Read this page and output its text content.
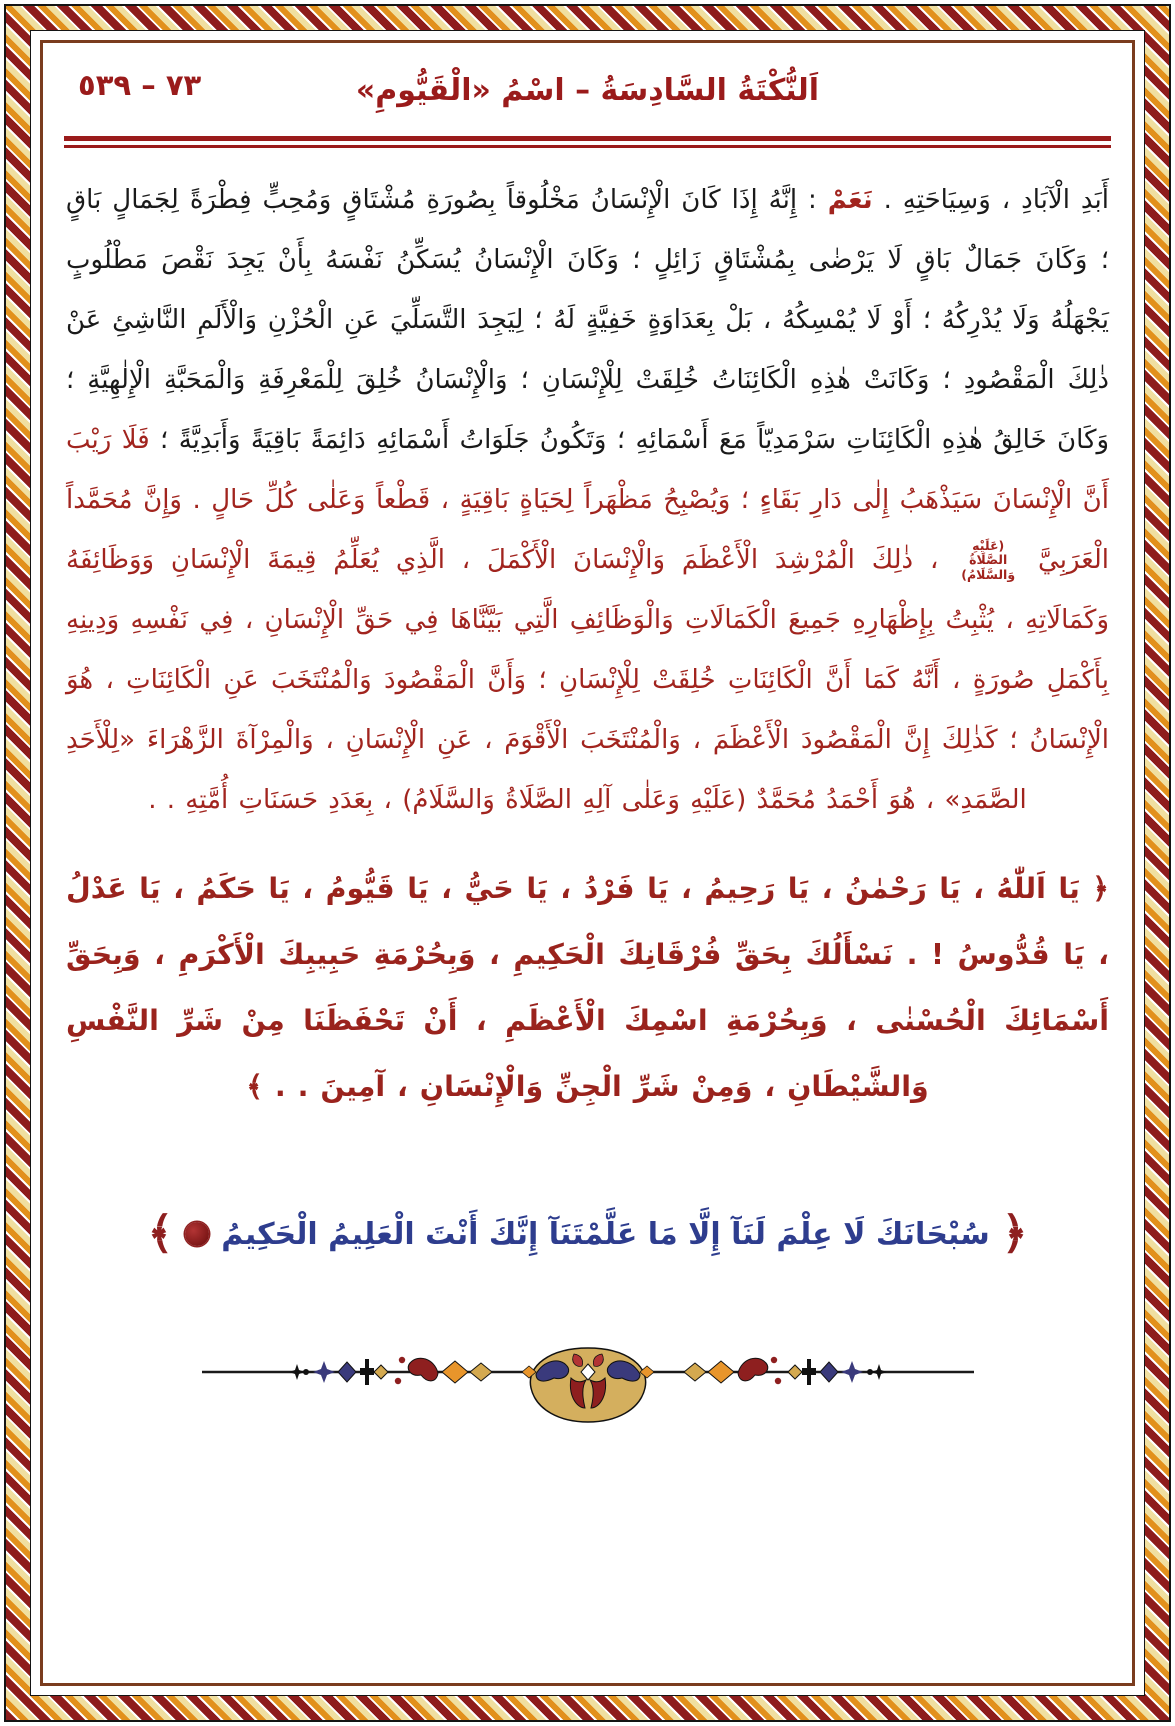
٧٣ – ٥٣٩	اَلنُّكْتَةُ السَّادِسَةُ – اسْمُ «الْقَيُّومِ»

أَبَدِ الْآبَادِ ، وَسِيَاحَتِهِ . نَعَمْ : إِنَّهُ إِذَا كَانَ الْإِنْسَانُ مَخْلُوقاً بِصُورَةِ مُشْتَاقٍ وَمُحِبٍّ فِطْرَةً لِجَمَالٍ بَاقٍ ؛ وَكَانَ جَمَالٌ بَاقٍ لَا يَرْضٰى بِمُشْتَاقٍ زَائِلٍ ؛ وَكَانَ الْإِنْسَانُ يُسَكِّنُ نَفْسَهُ بِأَنْ يَجِدَ نَقْصَ مَطْلُوبٍ يَجْهَلُهُ وَلَا يُدْرِكُهُ ؛ أَوْ لَا يُمْسِكُهُ ، بَلْ بِعَدَاوَةٍ خَفِيَّةٍ لَهُ ؛ لِيَجِدَ التَّسَلِّيَ عَنِ الْحُزْنِ وَالْأَلَمِ النَّاشِئِ عَنْ ذٰلِكَ الْمَقْصُودِ ؛ وَكَانَتْ هٰذِهِ الْكَائِنَاتُ خُلِقَتْ لِلْإِنْسَانِ ؛ وَالْإِنْسَانُ خُلِقَ لِلْمَعْرِفَةِ وَالْمَحَبَّةِ الْإِلٰهِيَّةِ ؛ وَكَانَ خَالِقُ هٰذِهِ الْكَائِنَاتِ سَرْمَدِيّاً مَعَ أَسْمَائِهِ ؛ وَتَكُونُ جَلَوَاتُ أَسْمَائِهِ دَائِمَةً بَاقِيَةً وَأَبَدِيَّةً ؛ فَلَا رَيْبَ أَنَّ الْإِنْسَانَ سَيَذْهَبُ إِلٰى دَارِ بَقَاءٍ ؛ وَيُصْبِحُ مَظْهَراً لِحَيَاةٍ بَاقِيَةٍ ، قَطْعاً وَعَلٰى كُلِّ حَالٍ . وَإِنَّ مُحَمَّداً الْعَرَبِيَّ (عَلَيْهِ الصَّلَاةُ وَالسَّلَامُ) ، ذٰلِكَ الْمُرْشِدَ الْأَعْظَمَ وَالْإِنْسَانَ الْأَكْمَلَ ، الَّذِي يُعَلِّمُ قِيمَةَ الْإِنْسَانِ وَوَظَائِفَهُ وَكَمَالَاتِهِ ، يُثْبِتُ بِإِظْهَارِهِ جَمِيعَ الْكَمَالَاتِ وَالْوَظَائِفِ الَّتِي بَيَّنَّاهَا فِي حَقِّ الْإِنْسَانِ ، فِي نَفْسِهِ وَدِينِهِ بِأَكْمَلِ صُورَةٍ ، أَنَّهُ كَمَا أَنَّ الْكَائِنَاتِ خُلِقَتْ لِلْإِنْسَانِ ؛ وَأَنَّ الْمَقْصُودَ وَالْمُنْتَخَبَ عَنِ الْكَائِنَاتِ ، هُوَ الْإِنْسَانُ ؛ كَذٰلِكَ إِنَّ الْمَقْصُودَ الْأَعْظَمَ ، وَالْمُنْتَخَبَ الْأَقْوَمَ ، عَنِ الْإِنْسَانِ ، وَالْمِرْآةَ الزَّهْرَاءَ «لِلْأَحَدِ الصَّمَدِ» ، هُوَ أَحْمَدُ مُحَمَّدٌ (عَلَيْهِ وَعَلٰى آلِهِ الصَّلَاةُ وَالسَّلَامُ) ، بِعَدَدِ حَسَنَاتِ أُمَّتِهِ . .

﴿ يَا اَللّٰهُ ، يَا رَحْمٰنُ ، يَا رَحِيمُ ، يَا فَرْدُ ، يَا حَيُّ ، يَا قَيُّومُ ، يَا حَكَمُ ، يَا عَدْلُ ، يَا قُدُّوسُ ! . نَسْأَلُكَ بِحَقِّ فُرْقَانِكَ الْحَكِيمِ ، وَبِحُرْمَةِ حَبِيبِكَ الْأَكْرَمِ ، وَبِحَقِّ أَسْمَائِكَ الْحُسْنٰى ، وَبِحُرْمَةِ اسْمِكَ الْأَعْظَمِ ، أَنْ تَحْفَظَنَا مِنْ شَرِّ النَّفْسِ وَالشَّيْطَانِ ، وَمِنْ شَرِّ الْجِنِّ وَالْإِنْسَانِ ، آمِينَ . . ﴾

﴿
سُبْحَانَكَ لَا عِلْمَ لَنَآ إِلَّا مَا عَلَّمْتَنَآ إِنَّكَ أَنْتَ الْعَلِيمُ الْحَكِيمُ
﴾
